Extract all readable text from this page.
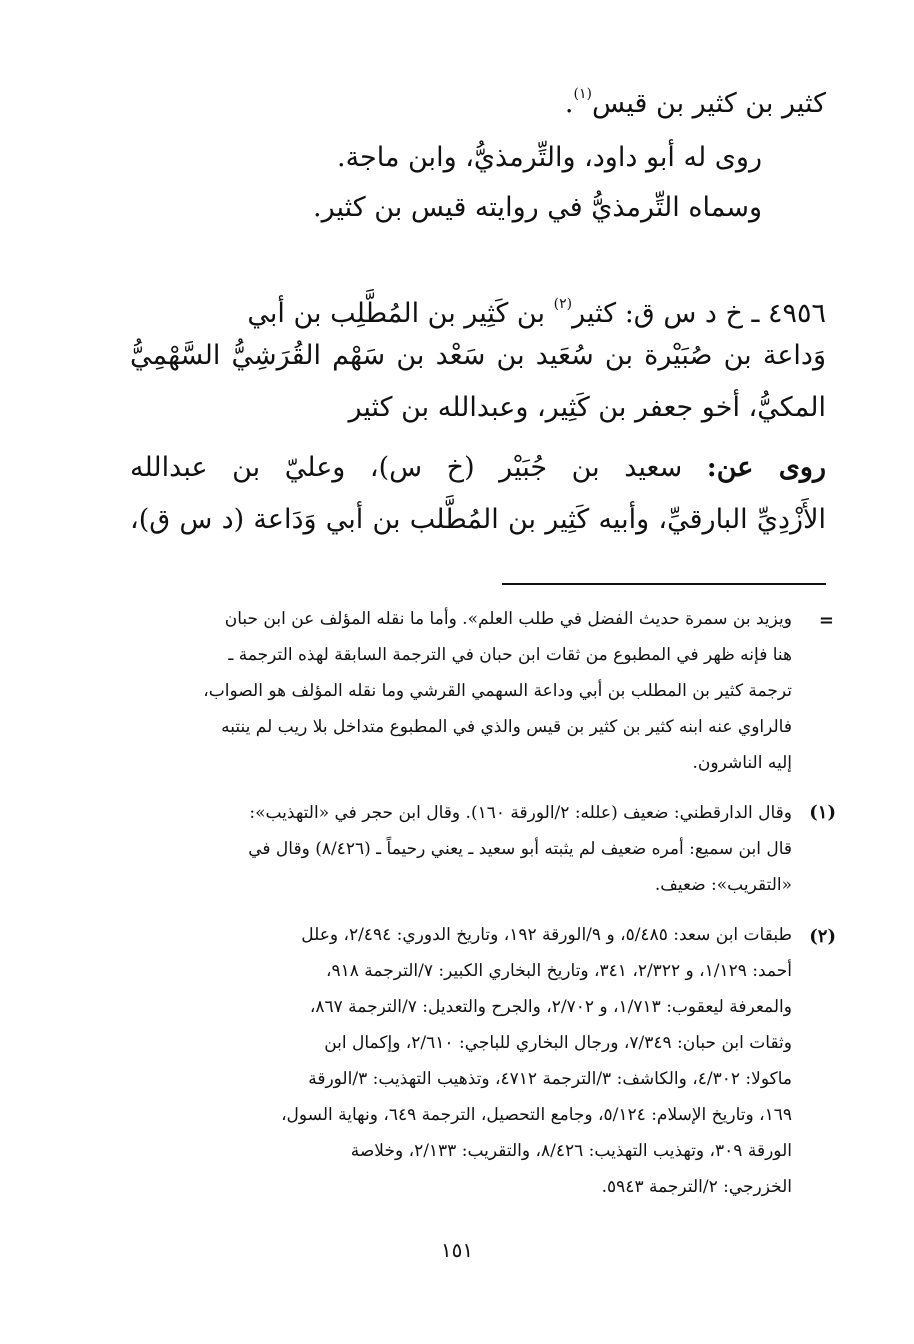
كثير بن كثير بن قيس$^{(١)}$.
روى له أبو داود، والتِّرمذيُّ، وابن ماجة.
وسماه التِّرمذيُّ في روايته قيس بن كثير.
٤٩٥٦ ـ خ د س ق: كثير$^{(٢)}$ بن كَثِير بن المُطَّلِب بن أبي
وَداعة بن صُبَيْرة بن سُعَيد بن سَعْد بن سَهْم القُرَشِيُّ السَّهْمِيُّ
المكيُّ، أخو جعفر بن كَثِير، وعبدالله بن كثير
روى عن: سعيد بن جُبَيْر (خ س)، وعليّ بن عبدالله
الأَزْدِيِّ البارقيِّ، وأبيه كَثِير بن المُطَّلب بن أبي وَدَاعة (د س ق)،
=
ويزيد بن سمرة حديث الفضل في طلب العلم». وأما ما نقله المؤلف عن ابن حبان
هنا فإنه ظهر في المطبوع من ثقات ابن حبان في الترجمة السابقة لهذه الترجمة ـ
ترجمة كثير بن المطلب بن أبي وداعة السهمي القرشي وما نقله المؤلف هو الصواب،
فالراوي عنه ابنه كثير بن كثير بن قيس والذي في المطبوع متداخل بلا ريب لم ينتبه
إليه الناشرون.
(١)
وقال الدارقطني: ضعيف (علله: ٢/الورقة ١٦٠). وقال ابن حجر في «التهذيب»:
قال ابن سميع: أمره ضعيف لم يثبته أبو سعيد ـ يعني رحيماً ـ (٨/٤٢٦) وقال في
«التقريب»: ضعيف.
(٢)
طبقات ابن سعد: ٥/٤٨٥، و ٩/الورقة ١٩٢، وتاريخ الدوري: ٢/٤٩٤، وعلل
أحمد: ١/١٢٩، و ٢/٣٢٢، ٣٤١، وتاريخ البخاري الكبير: ٧/الترجمة ٩١٨،
والمعرفة ليعقوب: ١/٧١٣، و ٢/٧٠٢، والجرح والتعديل: ٧/الترجمة ٨٦٧،
وثقات ابن حبان: ٧/٣٤٩، ورجال البخاري للباجي: ٢/٦١٠، وإكمال ابن
ماكولا: ٤/٣٠٢، والكاشف: ٣/الترجمة ٤٧١٢، وتذهيب التهذيب: ٣/الورقة
١٦٩، وتاريخ الإسلام: ٥/١٢٤، وجامع التحصيل، الترجمة ٦٤٩، ونهاية السول،
الورقة ٣٠٩، وتهذيب التهذيب: ٨/٤٢٦، والتقريب: ٢/١٣٣، وخلاصة
الخزرجي: ٢/الترجمة ٥٩٤٣.
١٥١
